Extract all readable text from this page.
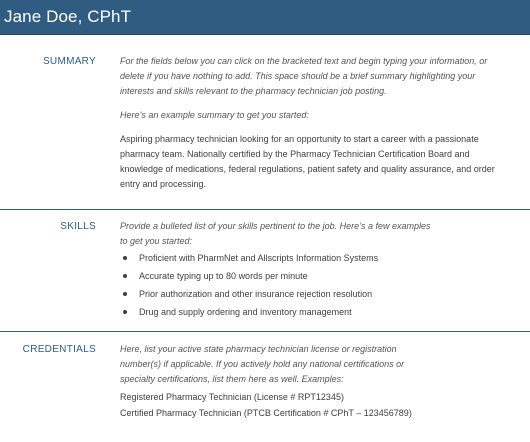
Jane Doe, CPhT
SUMMARY	For the fields below you can click on the bracketed text and begin typing your information, or
delete if you have nothing to add. This space should be a brief summary highlighting your
interests and skills relevant to the pharmacy technician job posting.
Here’s an example summary to get you started:
Aspiring pharmacy technician looking for an opportunity to start a career with a passionate
pharmacy team. Nationally certified by the Pharmacy Technician Certification Board and
knowledge of medications, federal regulations, patient safety and quality assurance, and order
entry and processing.
SKILLS	Provide a bulleted list of your skills pertinent to the job. Here’s a few examples
to get you started:
Proficient with PharmNet and Allscripts Information Systems
Accurate typing up to 80 words per minute
Prior authorization and other insurance rejection resolution
Drug and supply ordering and inventory management
CREDENTIALS	Here, list your active state pharmacy technician license or registration
number(s) if applicable. If you actively hold any national certifications or
specialty certifications, list them here as well. Examples:
Registered Pharmacy Technician (License # RPT12345)
Certified Pharmacy Technician (PTCB Certification # CPhT – 123456789)
